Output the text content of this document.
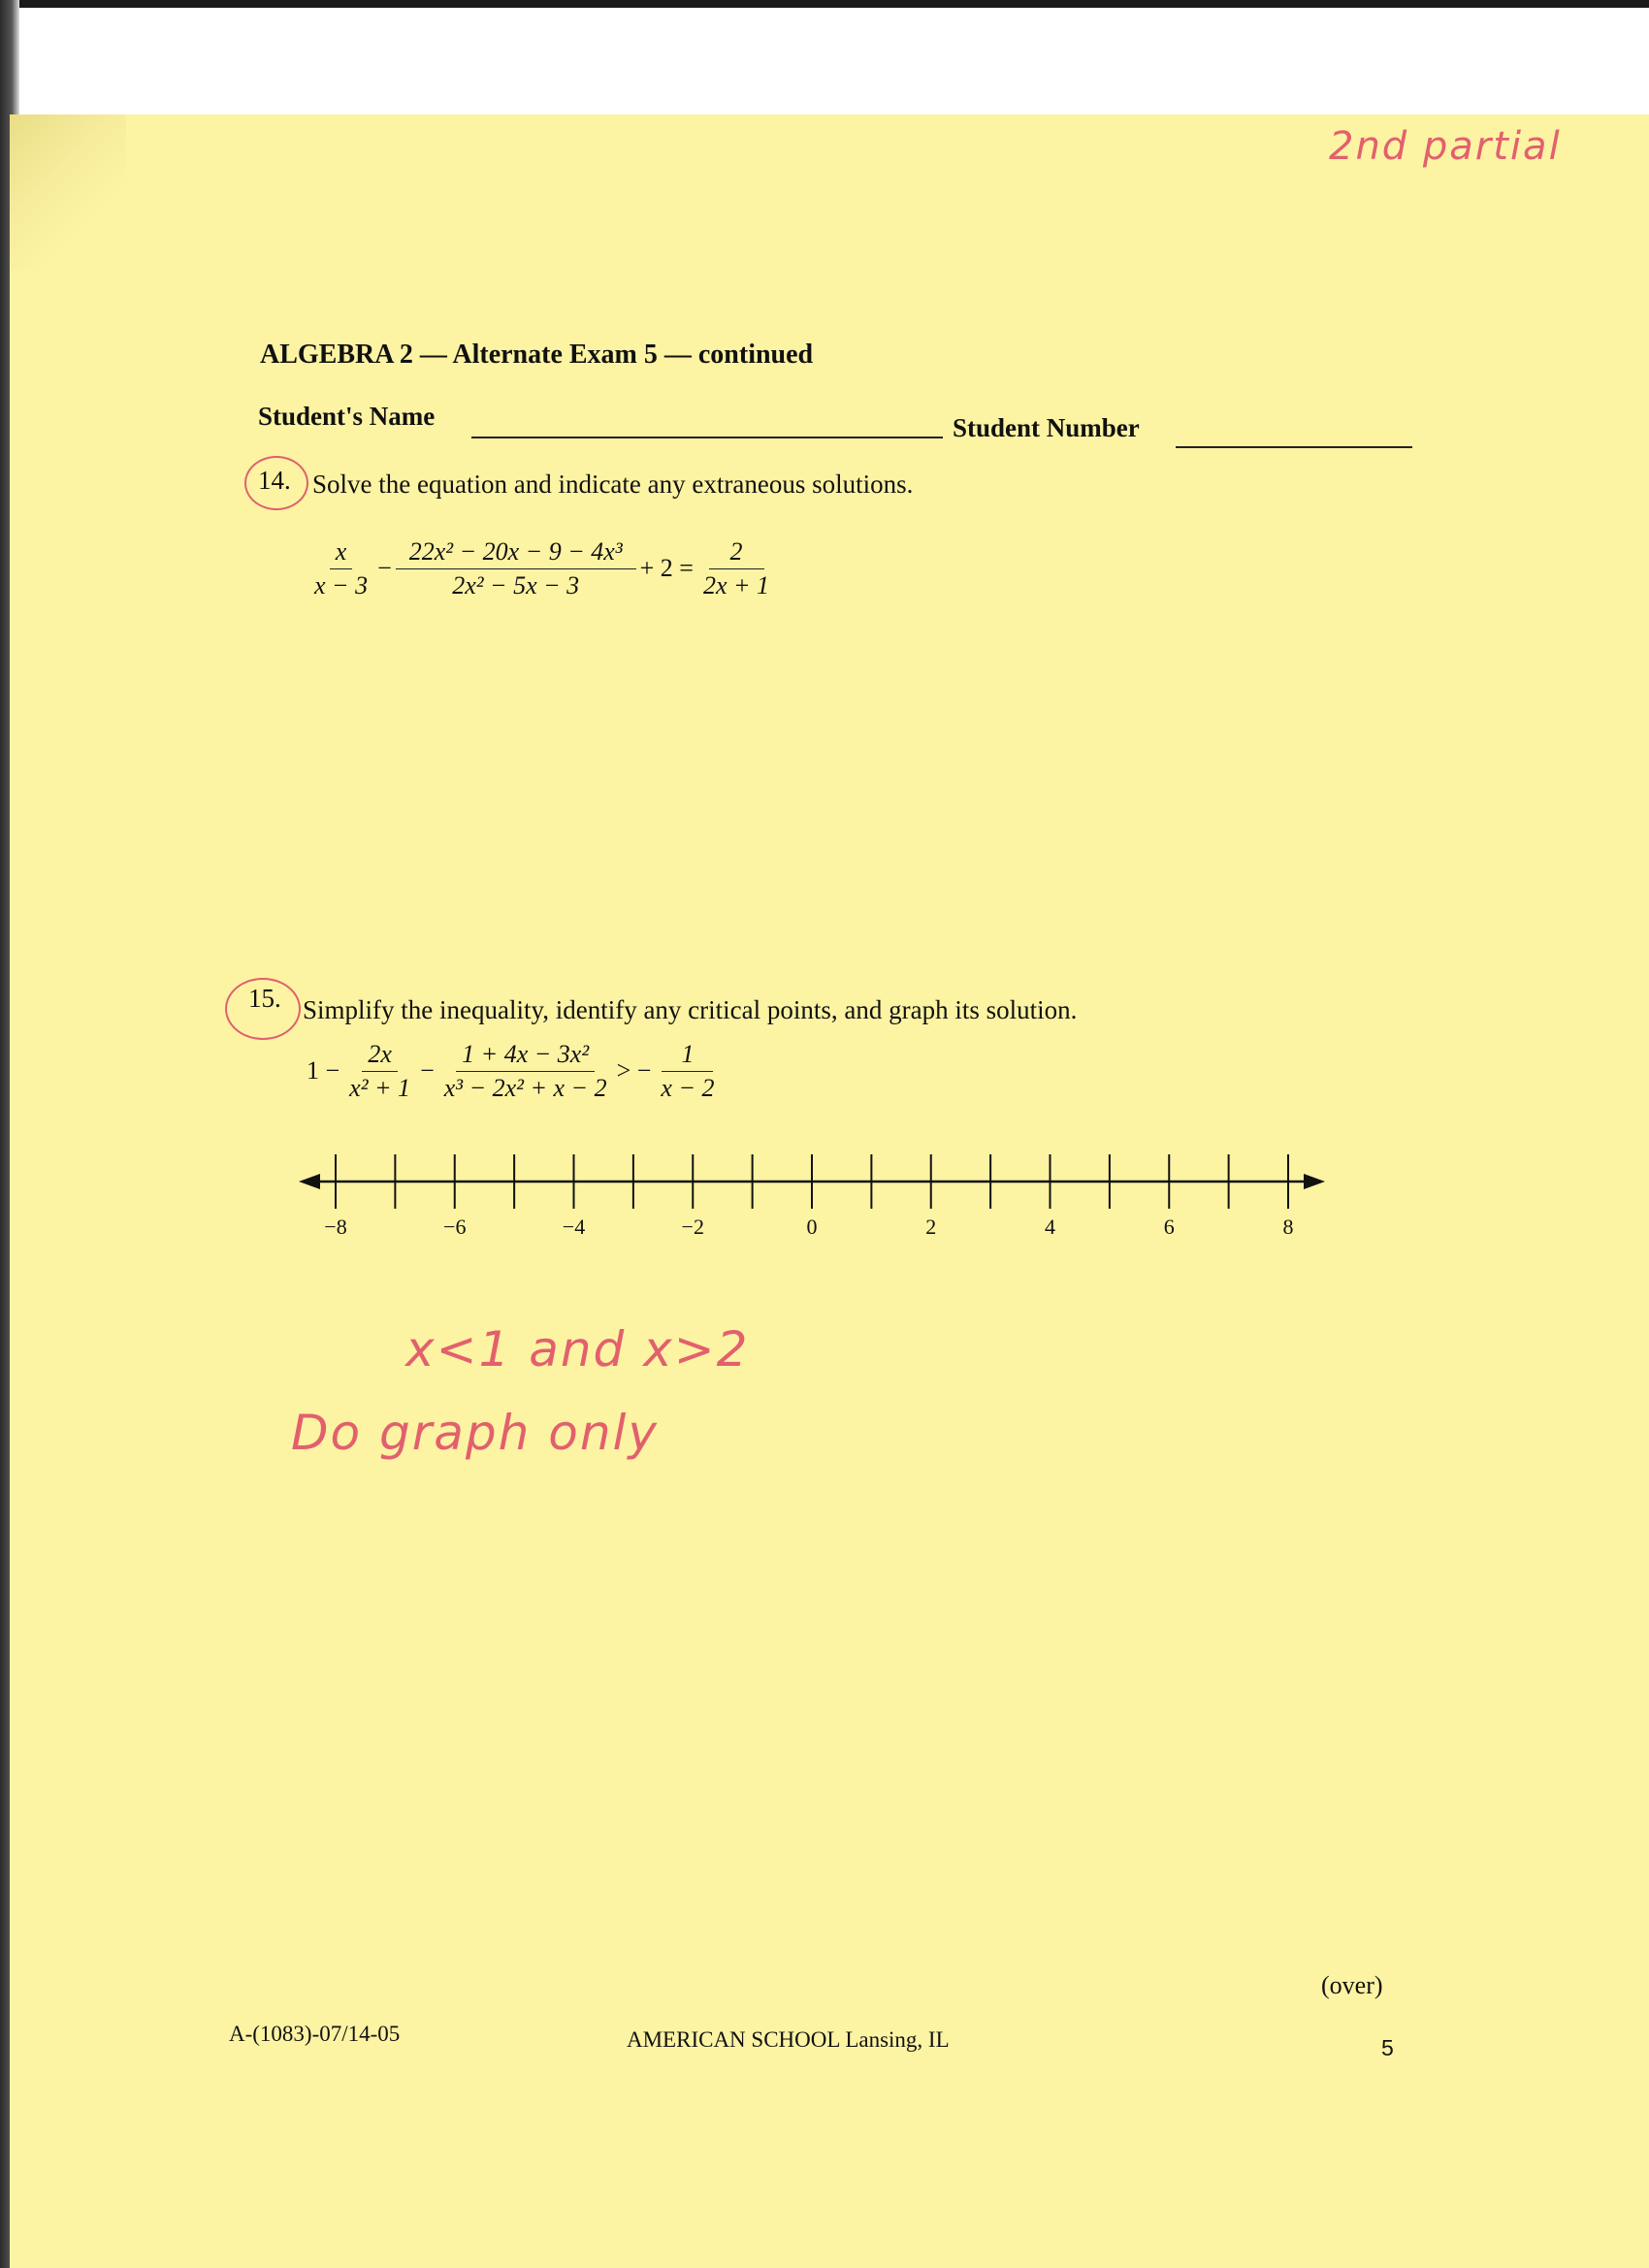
2nd partial
ALGEBRA 2 — Alternate Exam 5 — continued
Student's Name	Student Number
14. Solve the equation and indicate any extraneous solutions.
$\frac{x}{x - 3} - \frac{\text{22x² − 20x − 9 − 4x³}}{\text{2x² − 5x − 3}} + 2 = \frac{2}{2x + 1}$
15. Simplify the inequality, identify any critical points, and graph its solution.
$1 - \frac{2x}{\text{x² + 1}} - \frac{\text{1 + 4x − 3x²}}{\text{x³ − 2x² + x − 2}}$ > − $\frac{1}{x - 2}$
−8	−6	−4	−2	0	2	4	6	8
x<1 and x>2
Do graph only
(over)
A-(1083)-07/14-05	AMERICAN SCHOOL Lansing, IL	5
